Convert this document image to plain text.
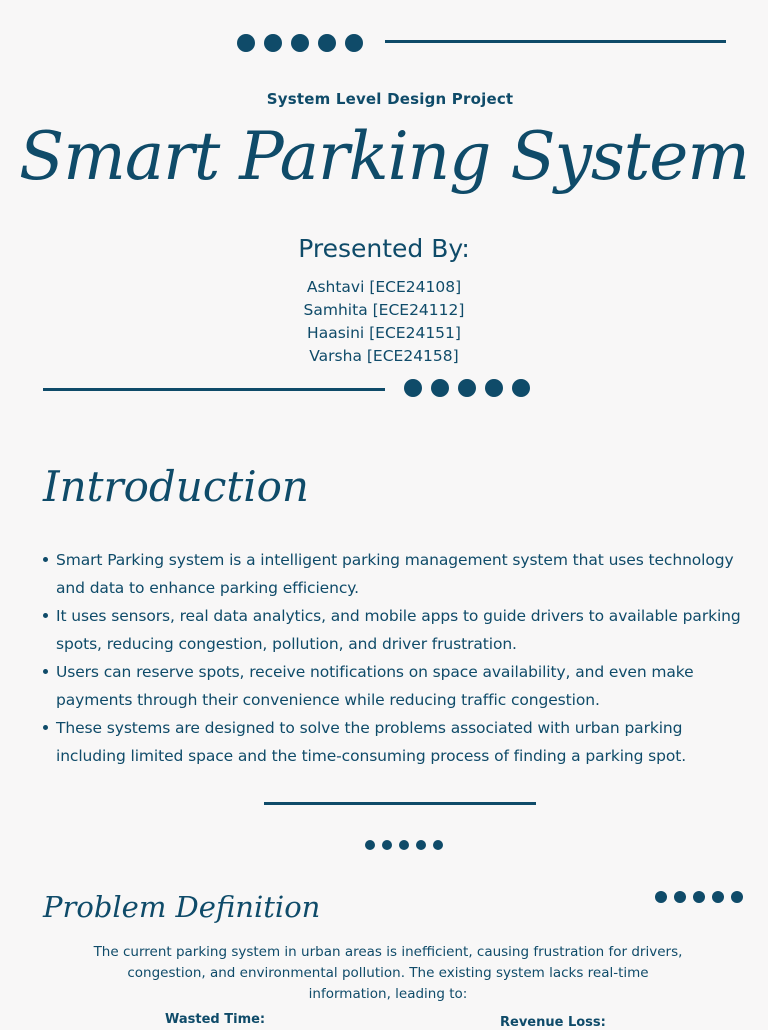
System Level Design Project
Smart Parking System
Presented By:
Ashtavi [ECE24108]
Samhita [ECE24112]
Haasini [ECE24151]
Varsha [ECE24158]
Introduction
Smart Parking system is a intelligent parking management system that uses technology and data to enhance parking efficiency.
It uses sensors, real data analytics, and mobile apps to guide drivers to available parking spots, reducing congestion, pollution, and driver frustration.
Users can reserve spots, receive notifications on space availability, and even make payments through their convenience while reducing traffic congestion.
These systems are designed to solve the problems associated with urban parking including limited space and the time-consuming process of finding a parking spot.
Problem Definition
The current parking system in urban areas is inefficient, causing frustration for drivers, congestion, and environmental pollution. The existing system lacks real-time information, leading to:
Wasted Time:	Revenue Loss:
